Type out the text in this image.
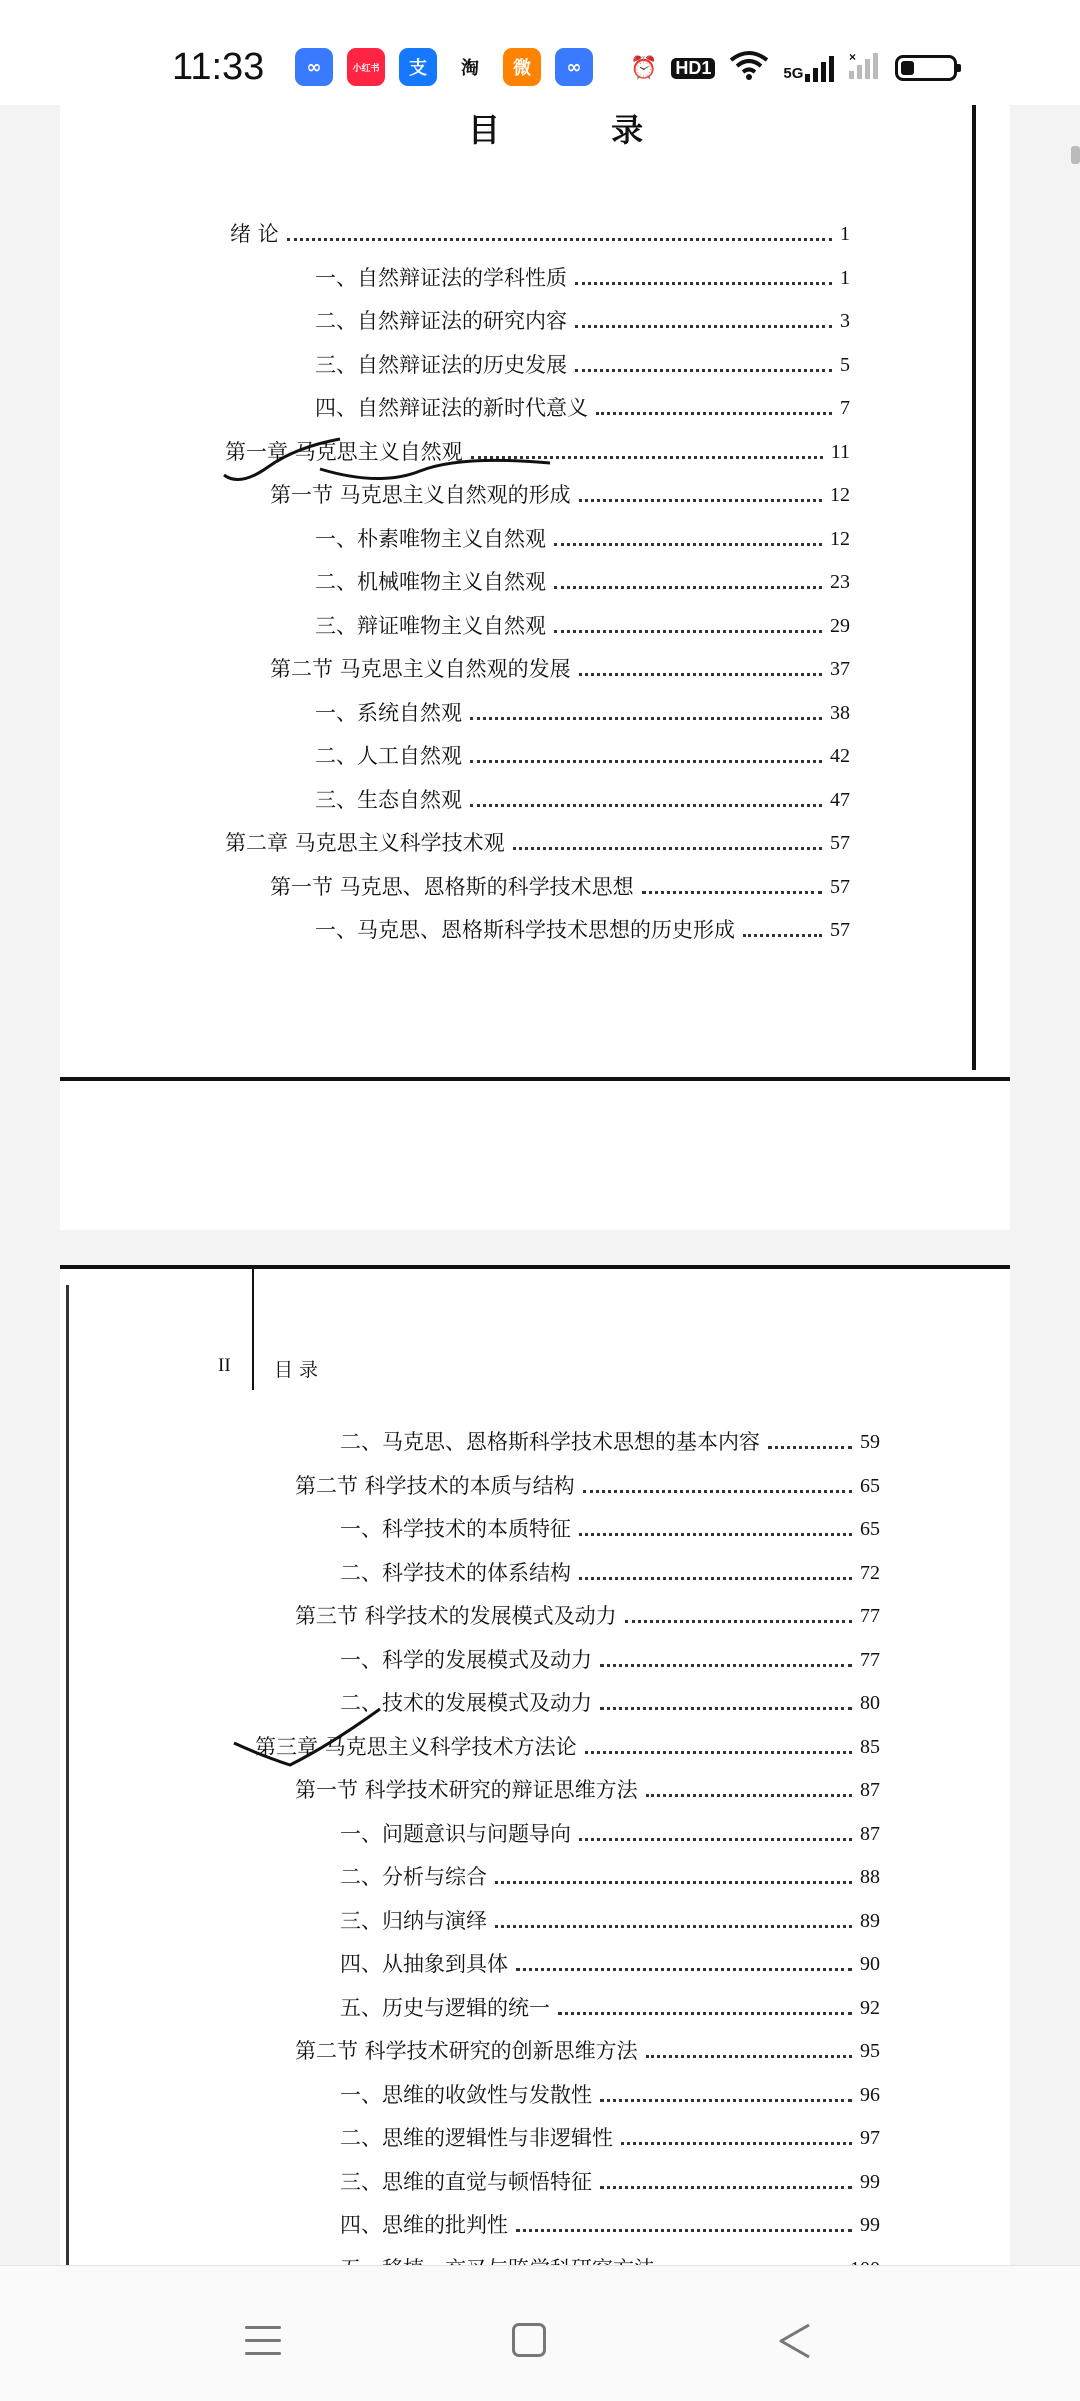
11:33	∞	小红书	支	淘	微	∞	⏰ HD1	5G
×
目 录
绪 论	1
一、自然辩证法的学科性质	1
二、自然辩证法的研究内容	3
三、自然辩证法的历史发展	5
四、自然辩证法的新时代意义	7
第一章 马克思主义自然观	11
第一节 马克思主义自然观的形成	12
一、朴素唯物主义自然观	12
二、机械唯物主义自然观	23
三、辩证唯物主义自然观	29
第二节 马克思主义自然观的发展	37
一、系统自然观	38
二、人工自然观	42
三、生态自然观	47
第二章 马克思主义科学技术观	57
第一节 马克思、恩格斯的科学技术思想	57
一、马克思、恩格斯科学技术思想的历史形成	57
II 目 录
二、马克思、恩格斯科学技术思想的基本内容	59
第二节 科学技术的本质与结构	65
一、科学技术的本质特征	65
二、科学技术的体系结构	72
第三节 科学技术的发展模式及动力	77
一、科学的发展模式及动力	77
二、技术的发展模式及动力	80
第三章 马克思主义科学技术方法论	85
第一节 科学技术研究的辩证思维方法	87
一、问题意识与问题导向	87
二、分析与综合	88
三、归纳与演绎	89
四、从抽象到具体	90
五、历史与逻辑的统一	92
第二节 科学技术研究的创新思维方法	95
一、思维的收敛性与发散性	96
二、思维的逻辑性与非逻辑性	97
三、思维的直觉与顿悟特征	99
四、思维的批判性	99
